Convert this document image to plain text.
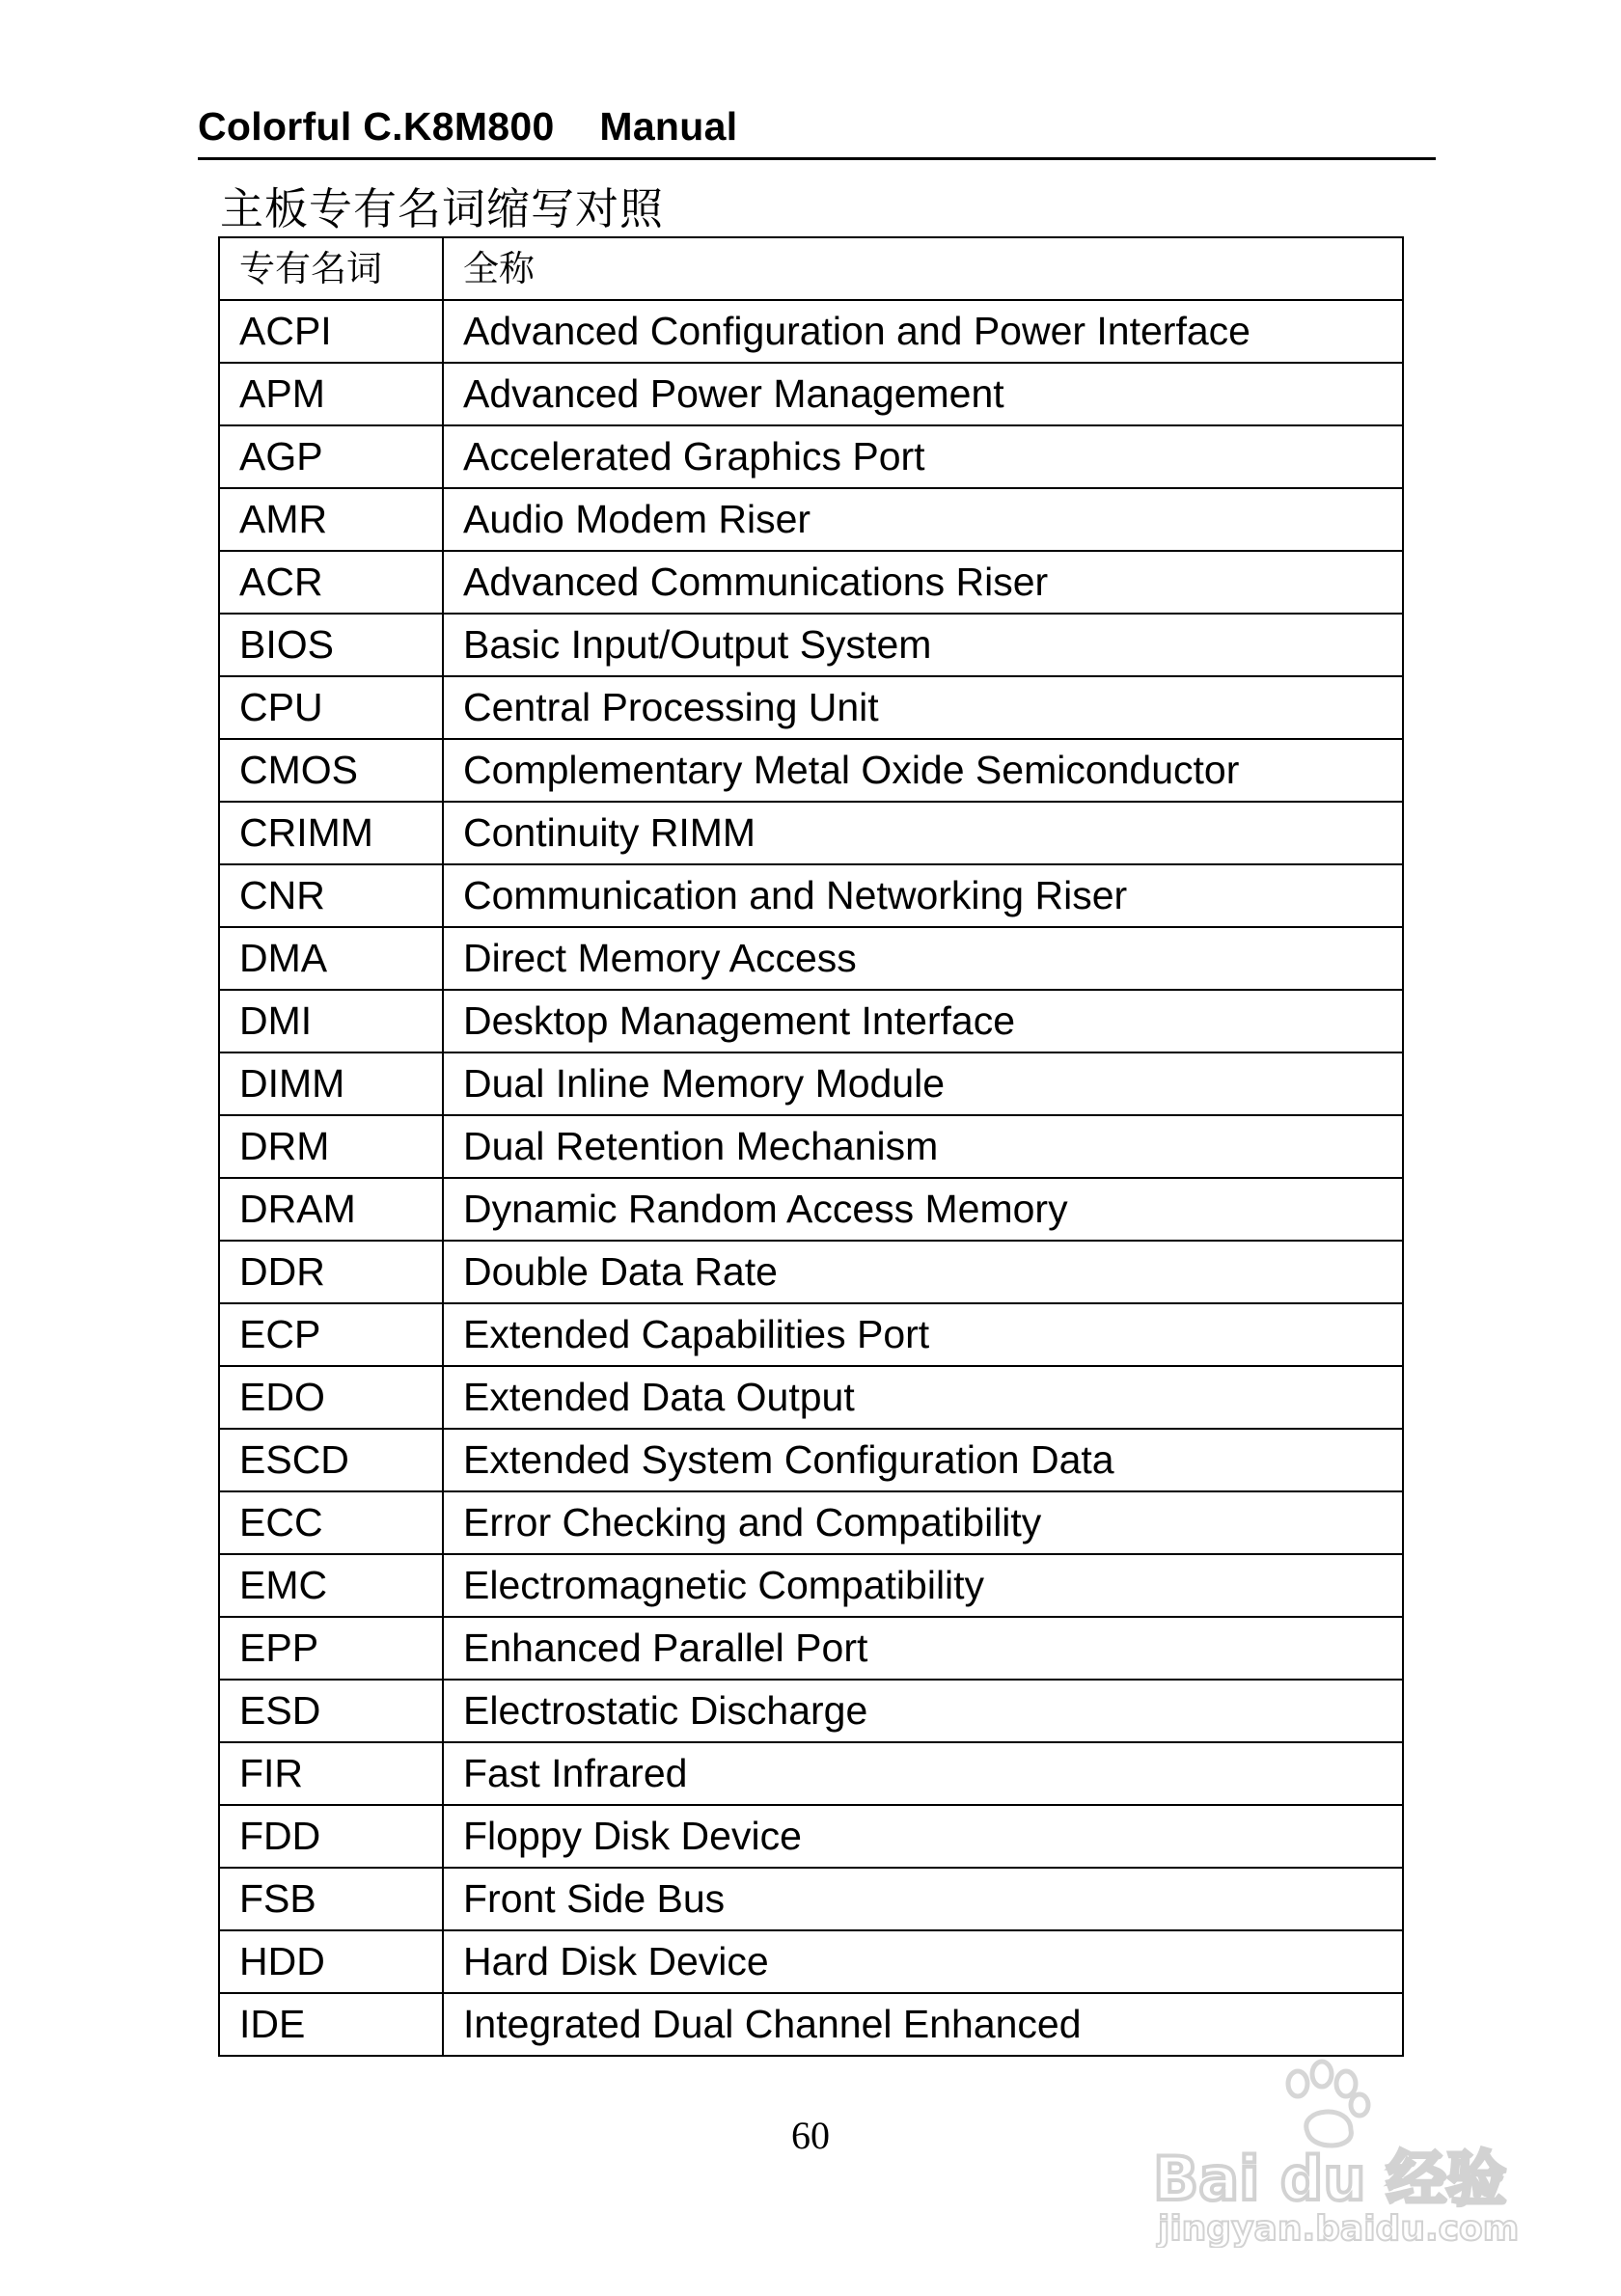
Colorful C.K8M800    Manual
主板专有名词缩写对照
专有名词	全称
ACPI	Advanced Configuration and Power Interface
APM	Advanced Power Management
AGP	Accelerated Graphics Port
AMR	Audio Modem Riser
ACR	Advanced Communications Riser
BIOS	Basic Input/Output System
CPU	Central Processing Unit
CMOS	Complementary Metal Oxide Semiconductor
CRIMM	Continuity RIMM
CNR	Communication and Networking Riser
DMA	Direct Memory Access
DMI	Desktop Management Interface
DIMM	Dual Inline Memory Module
DRM	Dual Retention Mechanism
DRAM	Dynamic Random Access Memory
DDR	Double Data Rate
ECP	Extended Capabilities Port
EDO	Extended Data Output
ESCD	Extended System Configuration Data
ECC	Error Checking and Compatibility
EMC	Electromagnetic Compatibility
EPP	Enhanced Parallel Port
ESD	Electrostatic Discharge
FIR	Fast Infrared
FDD	Floppy Disk Device
FSB	Front Side Bus
HDD	Hard Disk Device
IDE	Integrated Dual Channel Enhanced
60
Bai du 经验
jingyan.baidu.com
